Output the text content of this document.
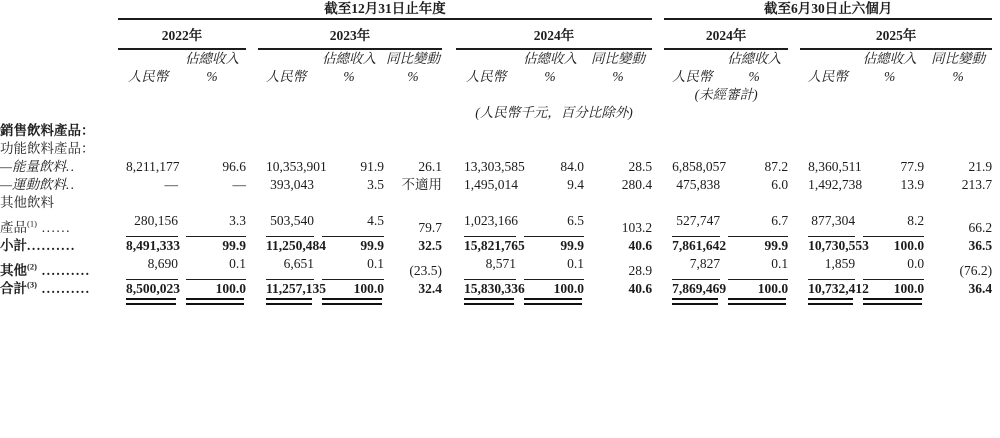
	截至12月31日止年度											截至6月30日止六個月						
	2022年			2023年				2024年				2024年			2025年			
		佔總收入			佔總收入	同比變動			佔總收入	同比變動			佔總收入			佔總收入	同比變動	
	人民幣	%		人民幣	%	%		人民幣	%	%		人民幣	%		人民幣	%	%	
												(未經審計)						
								(人民幣千元，百分比除外)										
銷售飲料產品：																		
功能飲料產品：																		
—能量飲料..	8,211,177	96.6		10,353,901	91.9	26.1		13,303,585	84.0	28.5		6,858,057	87.2		8,360,511	77.9	21.9	

—運動飲料..	—	—		393,043	3.5	不適用		1,495,014	9.4	280.4		475,838	6.0		1,492,738	13.9	213.7	

其他飲料																		
產品$^{(1)}$ ......	280,156	3.3		503,540	4.5	79.7		1,023,166	6.5	103.2		527,747	6.7		877,304	8.2	66.2	

小計..........	8,491,333	99.9		11,250,484	99.9	32.5		15,821,765	99.9	40.6		7,861,642	99.9		10,730,553	100.0	36.5	

其他$^{(2)}$ ..........	8,690	0.1		6,651	0.1	(23.5)		8,571	0.1	28.9		7,827	0.1		1,859	0.0	(76.2)	

合計$^{(3)}$ ..........	8,500,023	100.0		11,257,135	100.0	32.4		15,830,336	100.0	40.6		7,869,469	100.0		10,732,412	100.0	36.4	
